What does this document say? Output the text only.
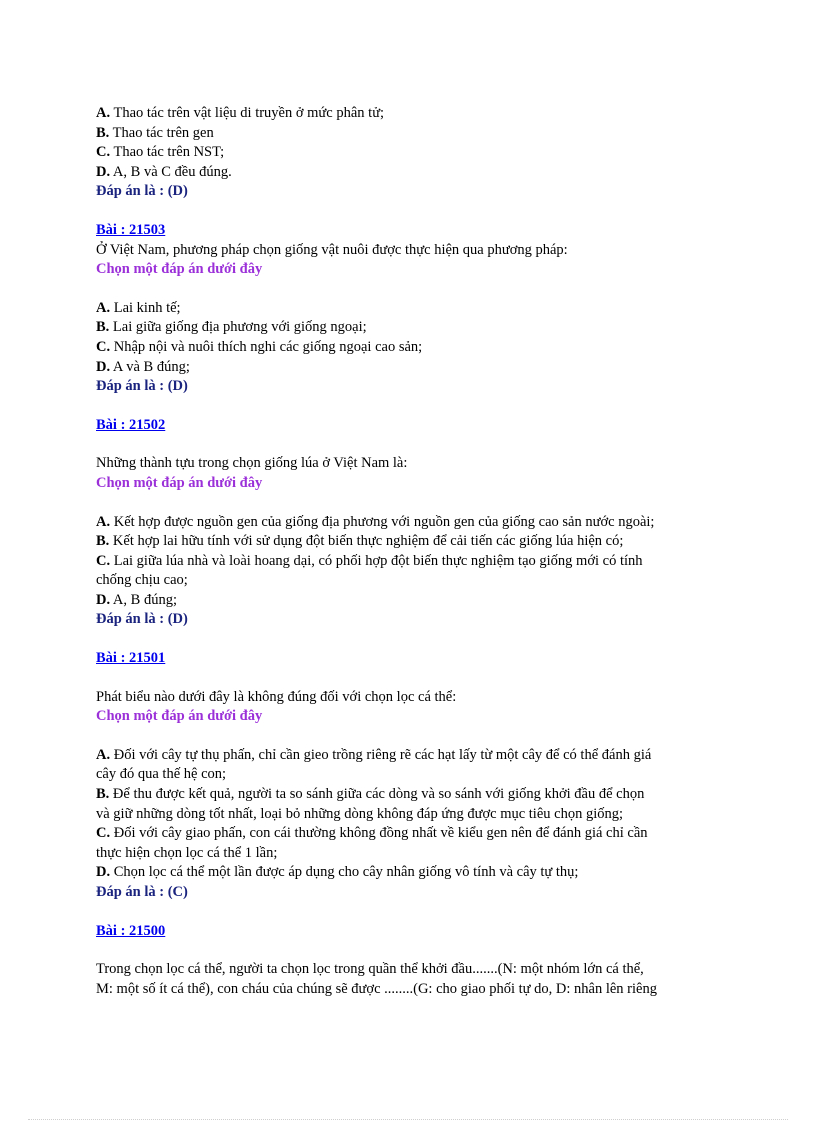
A. Thao tác trên vật liệu di truyền ở mức phân tử;
B. Thao tác trên gen
C. Thao tác trên NST;
D. A, B và C đều đúng.
Đáp án là : (D)
Bài : 21503
Ở Việt Nam, phương pháp chọn giống vật nuôi được thực hiện qua phương pháp:
Chọn một đáp án dưới đây
A. Lai kinh tế;
B. Lai giữa giống địa phương với giống ngoại;
C. Nhập nội và nuôi thích nghi các giống ngoại cao sản;
D. A và B đúng;
Đáp án là : (D)
Bài : 21502
Những thành tựu trong chọn giống lúa ở Việt Nam là:
Chọn một đáp án dưới đây
A. Kết hợp được nguồn gen của giống địa phương với nguồn gen của giống cao sản nước ngoài;
B. Kết hợp lai hữu tính với sử dụng đột biến thực nghiệm để cải tiến các giống lúa hiện có;
C. Lai giữa lúa nhà và loài hoang dại, có phối hợp đột biến thực nghiệm tạo giống mới có tính
chống chịu cao;
D. A, B đúng;
Đáp án là : (D)
Bài : 21501
Phát biểu nào dưới đây là không đúng đối với chọn lọc cá thể:
Chọn một đáp án dưới đây
A. Đối với cây tự thụ phấn, chỉ cần gieo trồng riêng rẽ các hạt lấy từ một cây để có thể đánh giá
cây đó qua thế hệ con;
B. Để thu được kết quả, người ta so sánh giữa các dòng và so sánh với giống khởi đầu để chọn
và giữ những dòng tốt nhất, loại bỏ những dòng không đáp ứng được mục tiêu chọn giống;
C. Đối với cây giao phấn, con cái thường không đồng nhất về kiểu gen nên để đánh giá chỉ cần
thực hiện chọn lọc cá thể 1 lần;
D. Chọn lọc cá thể một lần được áp dụng cho cây nhân giống vô tính và cây tự thụ;
Đáp án là : (C)
Bài : 21500
Trong chọn lọc cá thể, người ta chọn lọc trong quần thể khởi đầu.......(N: một nhóm lớn cá thể,
M: một số ít cá thể), con cháu của chúng sẽ được ........(G: cho giao phối tự do, D: nhân lên riêng
